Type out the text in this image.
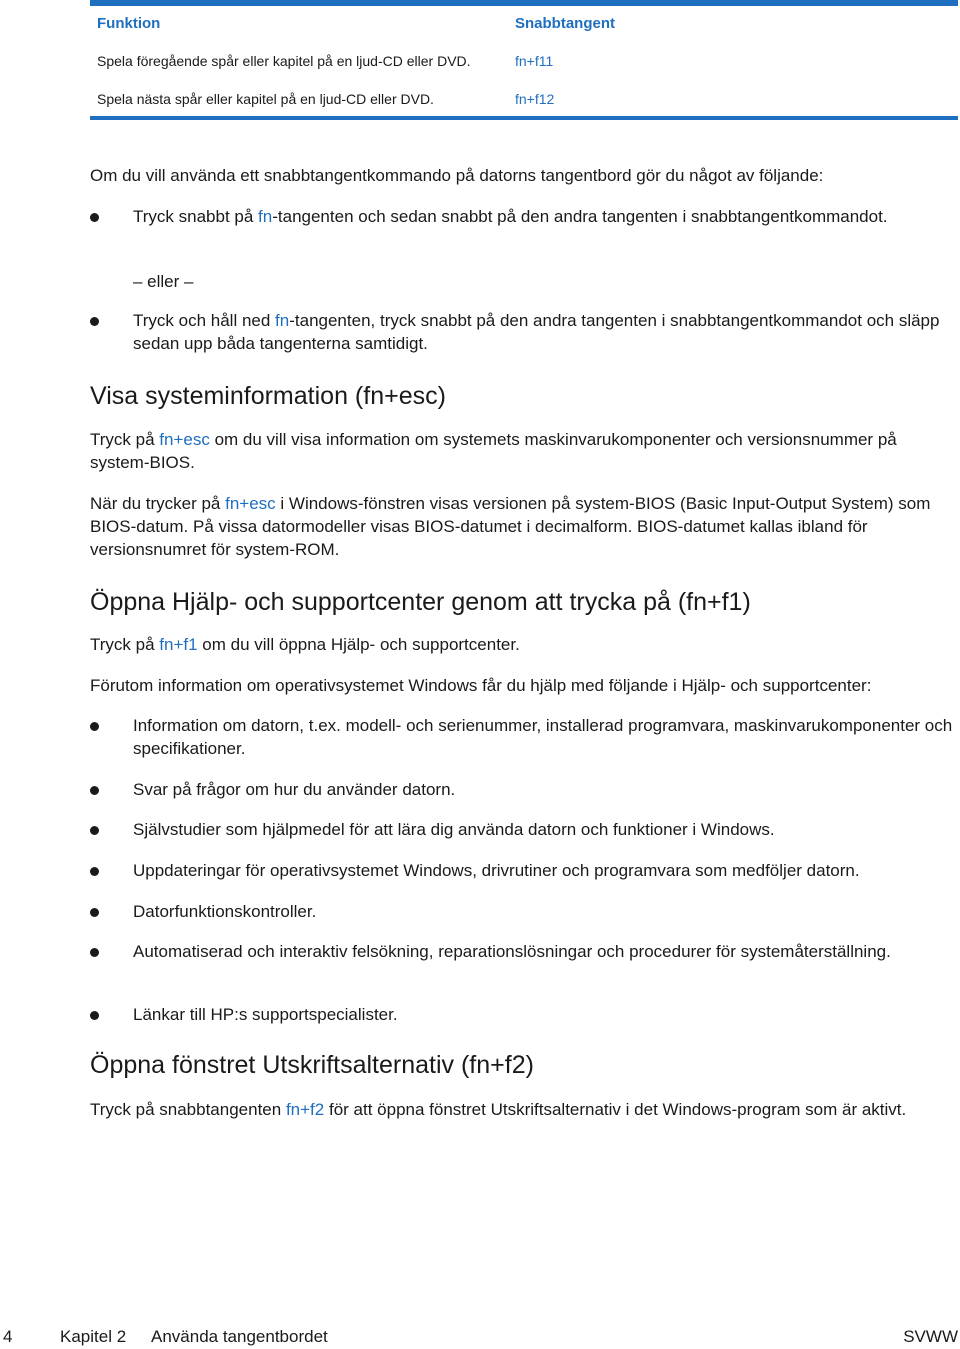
Funktion	Snabbtangent
Spela föregående spår eller kapitel på en ljud-CD eller DVD.	fn+f11
Spela nästa spår eller kapitel på en ljud-CD eller DVD.	fn+f12
Om du vill använda ett snabbtangentkommando på datorns tangentbord gör du något av följande:
Tryck snabbt på fn-tangenten och sedan snabbt på den andra tangenten i snabbtangentkommandot.
– eller –
Tryck och håll ned fn-tangenten, tryck snabbt på den andra tangenten i snabbtangentkommandot och släpp sedan upp båda tangenterna samtidigt.
Visa systeminformation (fn+esc)
Tryck på fn+esc om du vill visa information om systemets maskinvarukomponenter och versionsnummer på system-BIOS.
När du trycker på fn+esc i Windows-fönstren visas versionen på system-BIOS (Basic Input-Output System) som BIOS-datum. På vissa datormodeller visas BIOS-datumet i decimalform. BIOS-datumet kallas ibland för versionsnumret för system-ROM.
Öppna Hjälp- och supportcenter genom att trycka på (fn+f1)
Tryck på fn+f1 om du vill öppna Hjälp- och supportcenter.
Förutom information om operativsystemet Windows får du hjälp med följande i Hjälp- och supportcenter:
Information om datorn, t.ex. modell- och serienummer, installerad programvara, maskinvarukomponenter och specifikationer.
Svar på frågor om hur du använder datorn.
Självstudier som hjälpmedel för att lära dig använda datorn och funktioner i Windows.
Uppdateringar för operativsystemet Windows, drivrutiner och programvara som medföljer datorn.
Datorfunktionskontroller.
Automatiserad och interaktiv felsökning, reparationslösningar och procedurer för systemåterställning.
Länkar till HP:s supportspecialister.
Öppna fönstret Utskriftsalternativ (fn+f2)
Tryck på snabbtangenten fn+f2 för att öppna fönstret Utskriftsalternativ i det Windows-program som är aktivt.
4	Kapitel 2 Använda tangentbordet	SVWW
